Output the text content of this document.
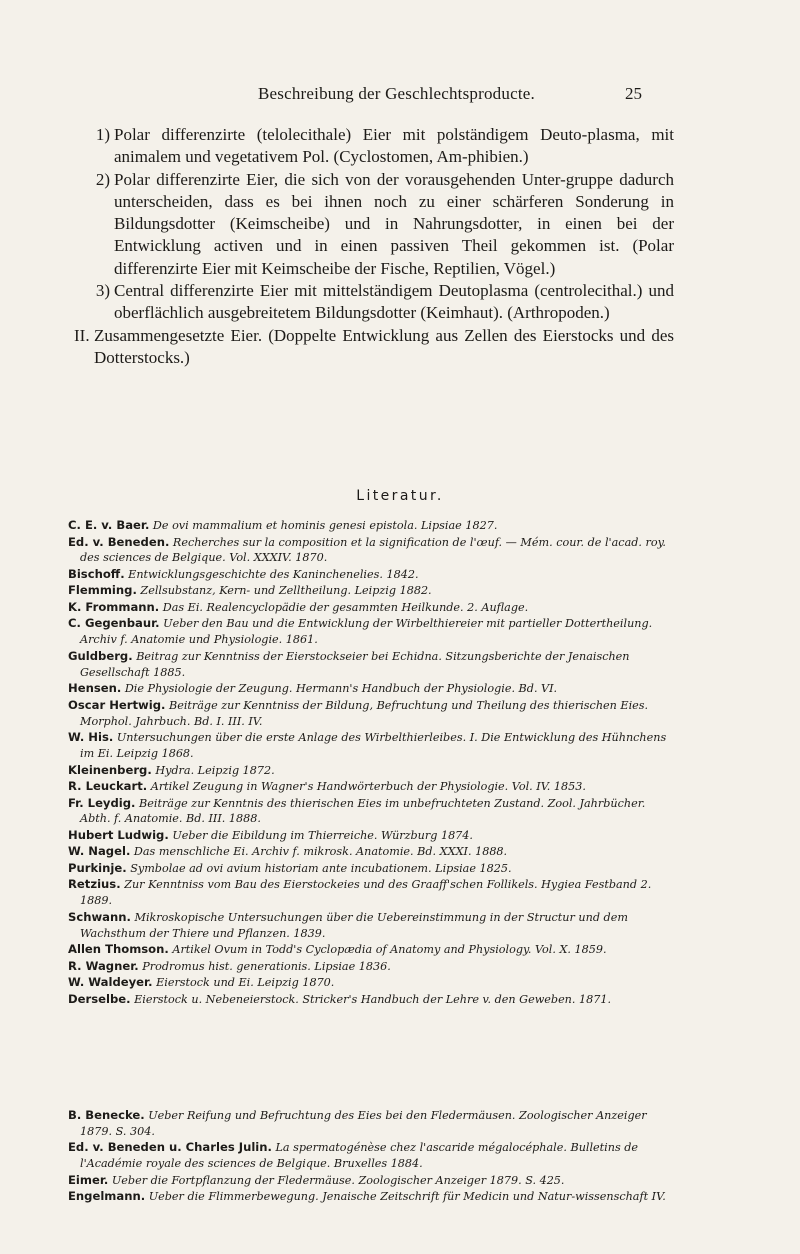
Beschreibung der Geschlechtsproducte.	25
1) Polar differenzirte (telolecithale) Eier mit polständigem Deuto-plasma, mit animalem und vegetativem Pol. (Cyclostomen, Am-phibien.)

2) Polar differenzirte Eier, die sich von der vorausgehenden Unter-gruppe dadurch unterscheiden, dass es bei ihnen noch zu einer schärferen Sonderung in Bildungsdotter (Keimscheibe) und in Nahrungsdotter, in einen bei der Entwicklung activen und in einen passiven Theil gekommen ist. (Polar differenzirte Eier mit Keimscheibe der Fische, Reptilien, Vögel.)

3) Central differenzirte Eier mit mittelständigem Deutoplasma (centrolecithal.) und oberflächlich ausgebreitetem Bildungsdotter (Keimhaut). (Arthropoden.)

II. Zusammengesetzte Eier. (Doppelte Entwicklung aus Zellen des Eierstocks und des Dotterstocks.)

Literatur.

C. E. v. Baer. De ovi mammalium et hominis genesi epistola. Lipsiae 1827.

Ed. v. Beneden. Recherches sur la composition et la signification de l'œuf. — Mém. cour. de l'acad. roy. des sciences de Belgique. Vol. XXXIV. 1870.

Bischoff. Entwicklungsgeschichte des Kaninchenelies. 1842.

Flemming. Zellsubstanz, Kern- und Zelltheilung. Leipzig 1882.

K. Frommann. Das Ei. Realencyclopädie der gesammten Heilkunde. 2. Auflage.

C. Gegenbaur. Ueber den Bau und die Entwicklung der Wirbelthiereier mit partieller Dottertheilung. Archiv f. Anatomie und Physiologie. 1861.

Guldberg. Beitrag zur Kenntniss der Eierstockseier bei Echidna. Sitzungsberichte der Jenaischen Gesellschaft 1885.

Hensen. Die Physiologie der Zeugung. Hermann's Handbuch der Physiologie. Bd. VI.

Oscar Hertwig. Beiträge zur Kenntniss der Bildung, Befruchtung und Theilung des thierischen Eies. Morphol. Jahrbuch. Bd. I. III. IV.

W. His. Untersuchungen über die erste Anlage des Wirbelthierleibes. I. Die Entwicklung des Hühnchens im Ei. Leipzig 1868.

Kleinenberg. Hydra. Leipzig 1872.

R. Leuckart. Artikel Zeugung in Wagner's Handwörterbuch der Physiologie. Vol. IV. 1853.

Fr. Leydig. Beiträge zur Kenntnis des thierischen Eies im unbefruchteten Zustand. Zool. Jahrbücher. Abth. f. Anatomie. Bd. III. 1888.

Hubert Ludwig. Ueber die Eibildung im Thierreiche. Würzburg 1874.

W. Nagel. Das menschliche Ei. Archiv f. mikrosk. Anatomie. Bd. XXXI. 1888.

Purkinje. Symbolae ad ovi avium historiam ante incubationem. Lipsiae 1825.

Retzius. Zur Kenntniss vom Bau des Eierstockeies und des Graaff'schen Follikels. Hygiea Festband 2. 1889.

Schwann. Mikroskopische Untersuchungen über die Uebereinstimmung in der Structur und dem Wachsthum der Thiere und Pflanzen. 1839.

Allen Thomson. Artikel Ovum in Todd's Cyclopædia of Anatomy and Physiology. Vol. X. 1859.

R. Wagner. Prodromus hist. generationis. Lipsiae 1836.

W. Waldeyer. Eierstock und Ei. Leipzig 1870.

Derselbe. Eierstock u. Nebeneierstock. Stricker's Handbuch der Lehre v. den Geweben. 1871.

B. Benecke. Ueber Reifung und Befruchtung des Eies bei den Fledermäusen. Zoologischer Anzeiger 1879. S. 304.

Ed. v. Beneden u. Charles Julin. La spermatogénèse chez l'ascaride mégalocéphale. Bulletins de l'Académie royale des sciences de Belgique. Bruxelles 1884.

Eimer. Ueber die Fortpflanzung der Fledermäuse. Zoologischer Anzeiger 1879. S. 425.

Engelmann. Ueber die Flimmerbewegung. Jenaische Zeitschrift für Medicin und Natur-wissenschaft IV.
